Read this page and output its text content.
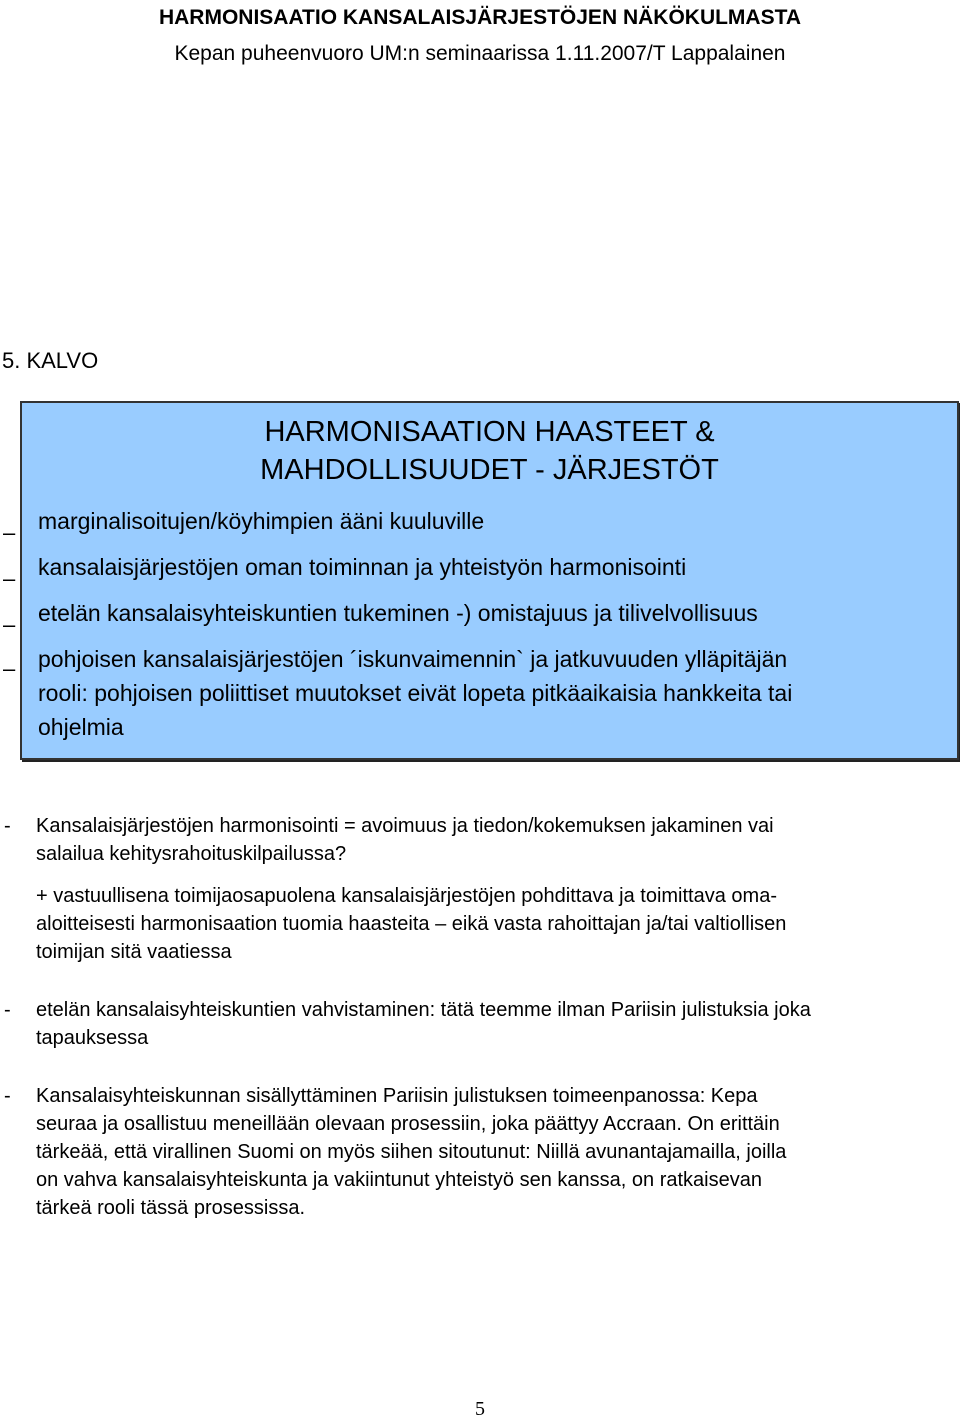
HARMONISAATIO KANSALAISJÄRJESTÖJEN NÄKÖKULMASTA
Kepan puheenvuoro UM:n seminaarissa 1.11.2007/T Lappalainen
5. KALVO
–
–
–
–
HARMONISAATION HAASTEET &
MAHDOLLISUUDET - JÄRJESTÖT
marginalisoitujen/köyhimpien ääni kuuluville
kansalaisjärjestöjen oman toiminnan ja yhteistyön harmonisointi
etelän kansalaisyhteiskuntien tukeminen -) omistajuus ja tilivelvollisuus
pohjoisen kansalaisjärjestöjen ´iskunvaimennin` ja jatkuvuuden ylläpitäjän
rooli: pohjoisen poliittiset muutokset eivät lopeta pitkäaikaisia hankkeita tai
ohjelmia
- Kansalaisjärjestöjen harmonisointi = avoimuus ja tiedon/kokemuksen jakaminen vai
salailua kehitysrahoituskilpailussa?
+ vastuullisena toimijaosapuolena kansalaisjärjestöjen pohdittava ja toimittava oma-
aloitteisesti harmonisaation tuomia haasteita – eikä vasta rahoittajan ja/tai valtiollisen
toimijan sitä vaatiessa
- etelän kansalaisyhteiskuntien vahvistaminen: tätä teemme ilman Pariisin julistuksia joka
tapauksessa
- Kansalaisyhteiskunnan sisällyttäminen Pariisin julistuksen toimeenpanossa: Kepa
seuraa ja osallistuu meneillään olevaan prosessiin, joka päättyy Accraan. On erittäin
tärkeää, että virallinen Suomi on myös siihen sitoutunut: Niillä avunantajamailla, joilla
on vahva kansalaisyhteiskunta ja vakiintunut yhteistyö sen kanssa, on ratkaisevan
tärkeä rooli tässä prosessissa.
5
